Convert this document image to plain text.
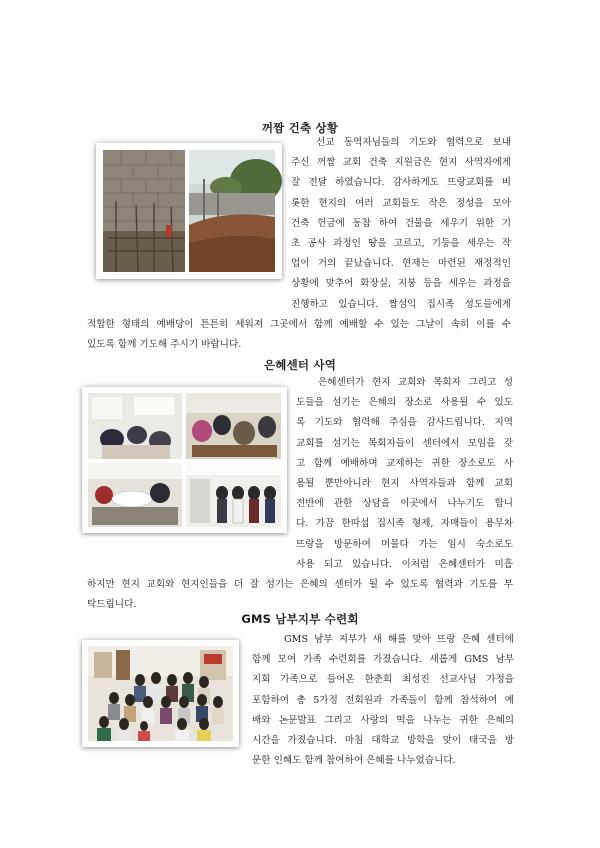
꺼짬 건축 상황
선교 동역자님들의 기도와 협력으로 보내
주신 꺼짬 교회 건축 지원금은 현지 사역자에게
잘 전달 하였습니다. 감사하게도 뜨랑교회를 비
롯한 현지의 여러 교회들도 작은 정성을 모아
건축 헌금에 동참 하여 건물을 세우기 위한 기
초 공사 과정인 땅을 고르고, 기둥을 세우는 작
업이 거의 끝났습니다. 현재는 마련된 재정적인
상황에 맞추어 화장실, 지붕 등을 세우는 과정을
진행하고 있습니다. 짬섬익 집시족 성도들에게
적합한 형태의 예배당이 튼튼히 세워져 그곳에서 함께 예배할 수 있는 그날이 속히 이를 수
있도록 함께 기도해 주시기 바랍니다.
은혜센터 사역
은혜센터가 현지 교회와 목회자 그리고 성
도들을 섬기는 은혜의 장소로 사용될 수 있도
록 기도와 협력해 주심을 감사드립니다. 지역
교회를 섬기는 목회자들이 센터에서 모임을 갖
고 함께 예배하며 교제하는 귀한 장소로도 사
용될 뿐만아니라 현지 사역자들과 함께 교회
전반에 관한 상담을 이곳에서 나누기도 합니
다. 가끔 한따섭 집시족 형제, 자매들이 용무차
뜨랑을 방문하여 머물다 가는 임시 숙소로도
사용 되고 있습니다. 이처럼 은혜센터가 미흡
하지만 현지 교회와 현지인들을 더 잘 섬기는 은혜의 센터가 될 수 있도록 협력과 기도를 부
탁드립니다.
GMS 남부지부 수련회
GMS 남부 지부가 새 해를 맞아 뜨랑 은혜 센터에
함께 모여 가족 수련회를 가졌습니다. 새롭게 GMS 남부
지회 가족으로 들어온 한춘희 최성진 선교사님 가정을
포함하여 총 5가정 전회원과 가족들이 함께 참석하여 예
배와 논문발표 그리고 사랑의 떡을 나누는 귀한 은혜의
시간을 가졌습니다. 마침 대학교 방학을 맞이 태국을 방
문한 인혜도 함께 참여하여 은혜를 나누었습니다.
